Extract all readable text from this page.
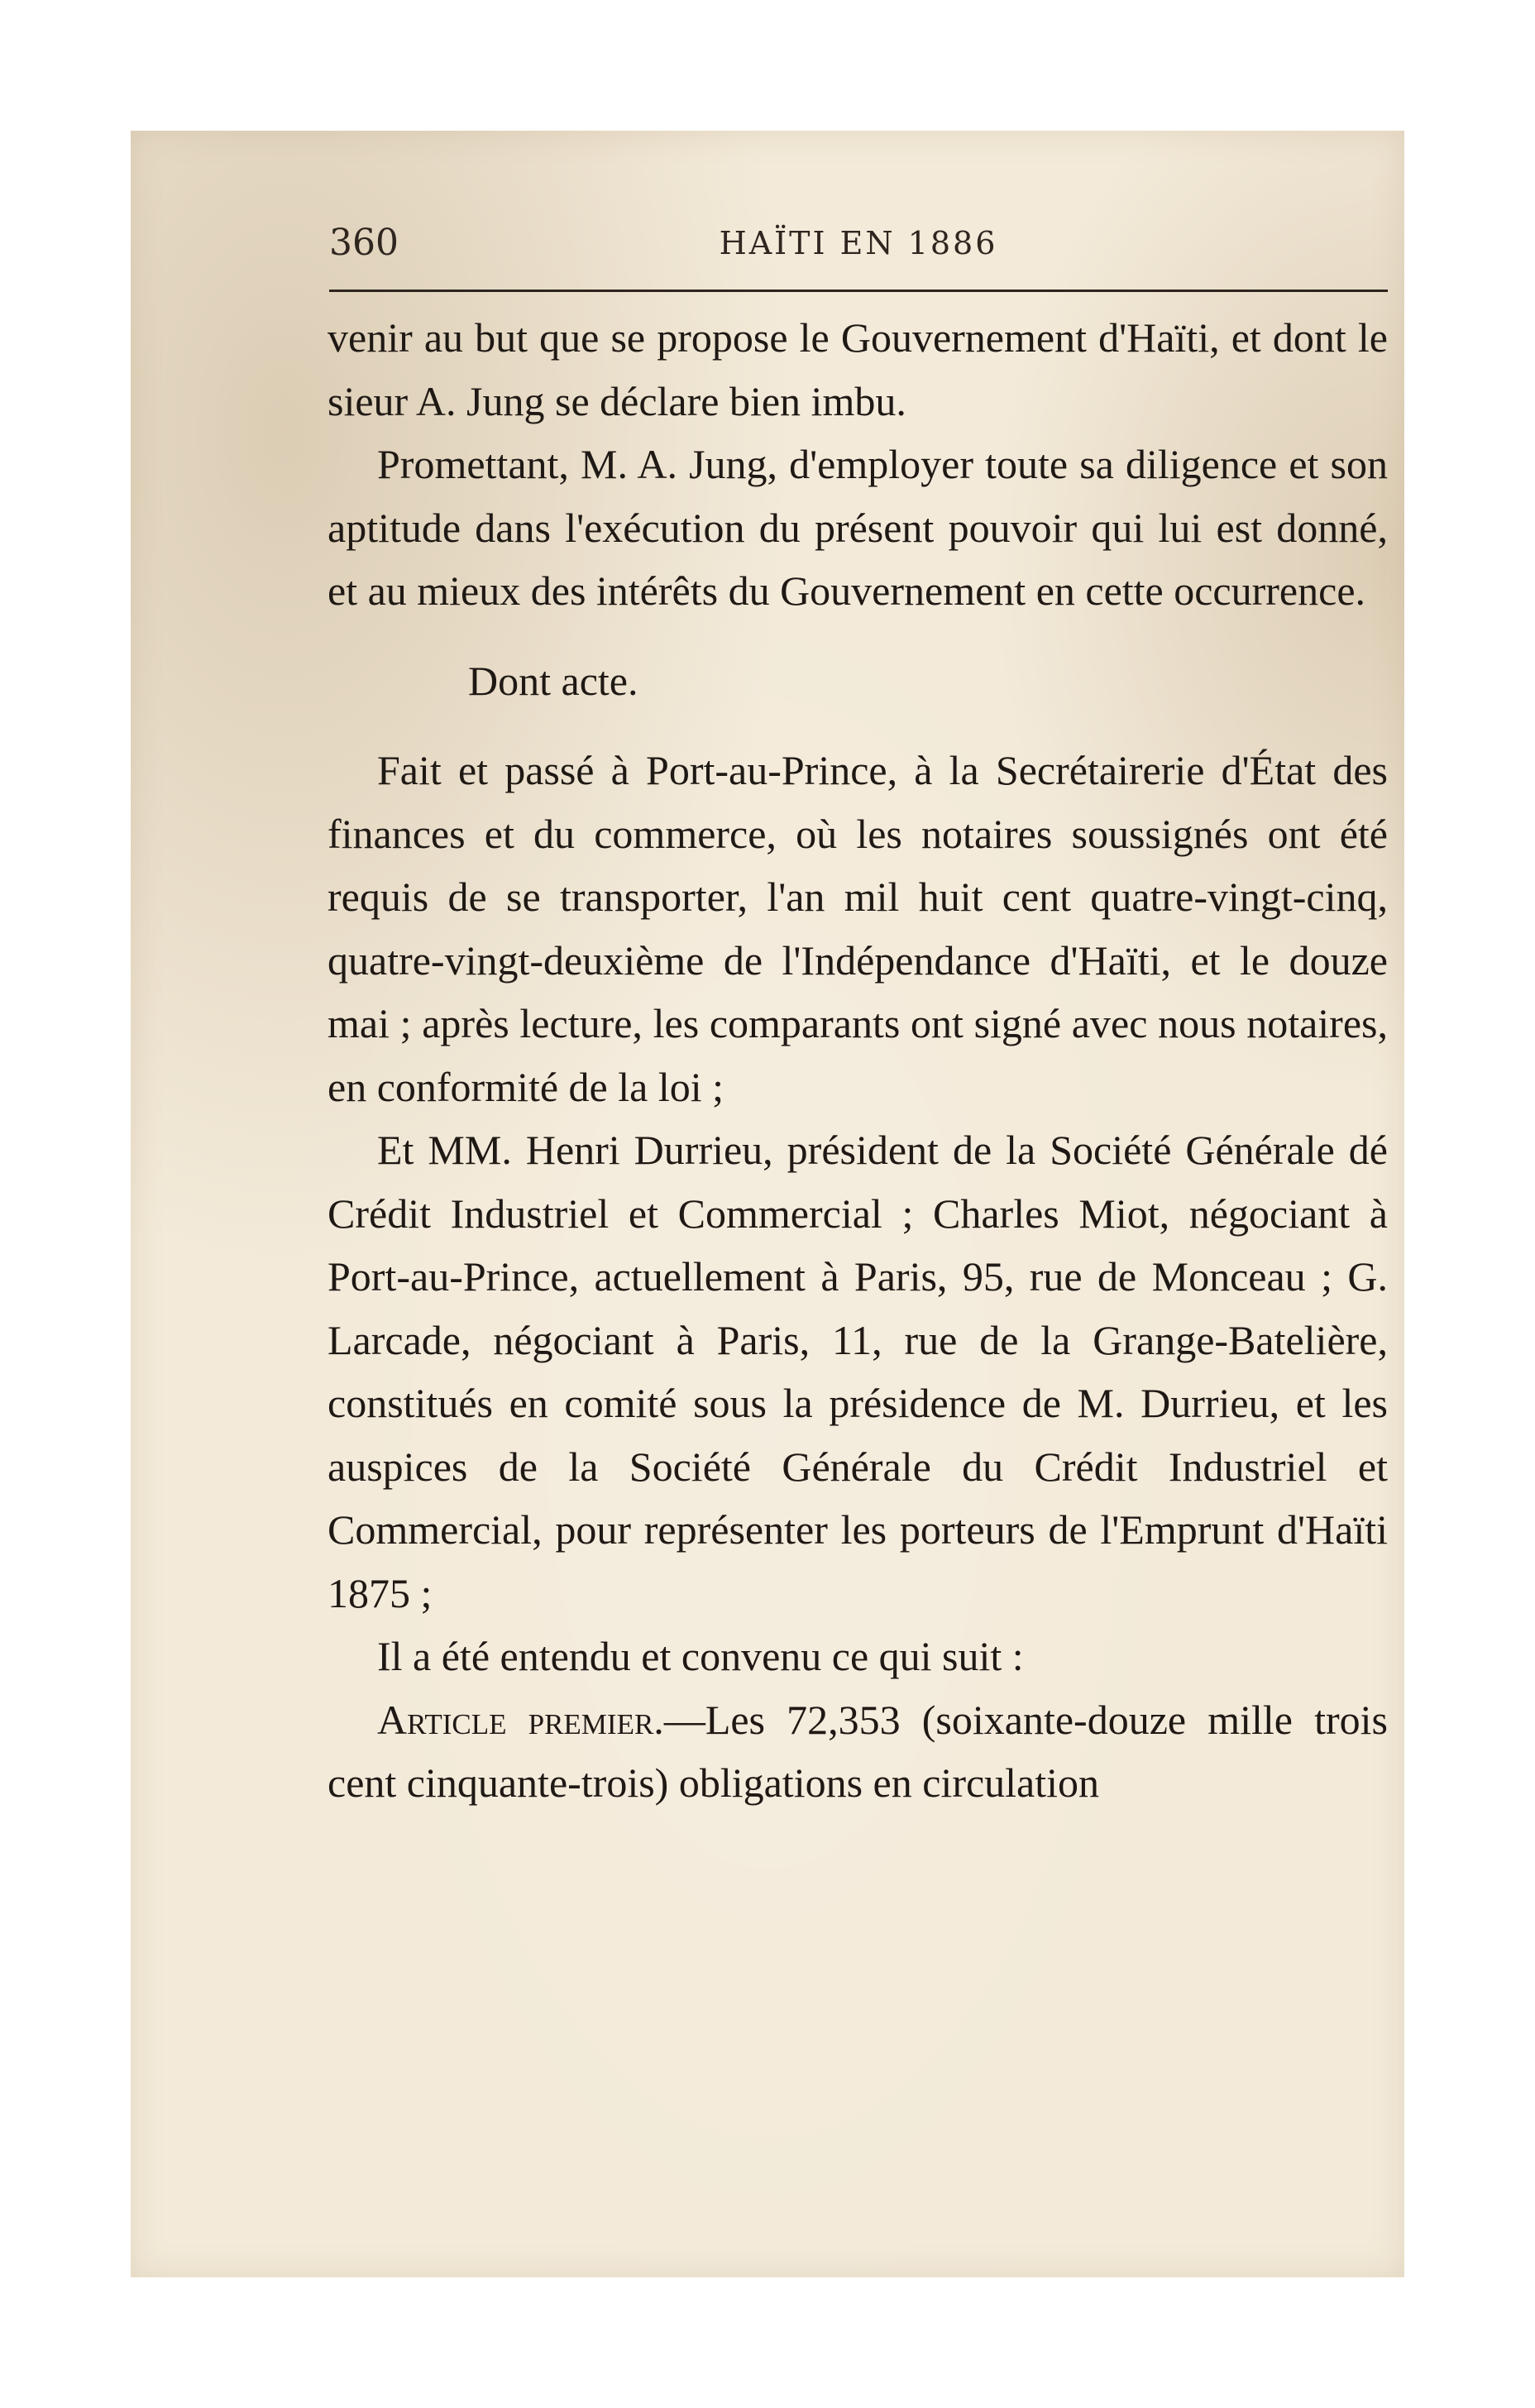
360	HAÏTI EN 1886

venir au but que se propose le Gouvernement d'Haïti, et dont le sieur A. Jung se déclare bien imbu.

Promettant, M. A. Jung, d'employer toute sa diligence et son aptitude dans l'exécution du présent pouvoir qui lui est donné, et au mieux des intérêts du Gouvernement en cette occurrence.

Dont acte.

Fait et passé à Port-au-Prince, à la Secrétairerie d'État des finances et du commerce, où les notaires soussignés ont été requis de se transporter, l'an mil huit cent quatre-vingt-cinq, quatre-vingt-deuxième de l'Indépendance d'Haïti, et le douze mai ; après lecture, les comparants ont signé avec nous notaires, en conformité de la loi ;

Et MM. Henri Durrieu, président de la Société Générale dé Crédit Industriel et Commercial ; Charles Miot, négociant à Port-au-Prince, actuellement à Paris, 95, rue de Monceau ; G. Larcade, négociant à Paris, 11, rue de la Grange-Batelière, constitués en comité sous la présidence de M. Durrieu, et les auspices de la Société Générale du Crédit Industriel et Commercial, pour représenter les porteurs de l'Emprunt d'Haïti 1875 ;

Il a été entendu et convenu ce qui suit :

Article premier.—Les 72,353 (soixante-douze mille trois cent cinquante-trois) obligations en circulation
